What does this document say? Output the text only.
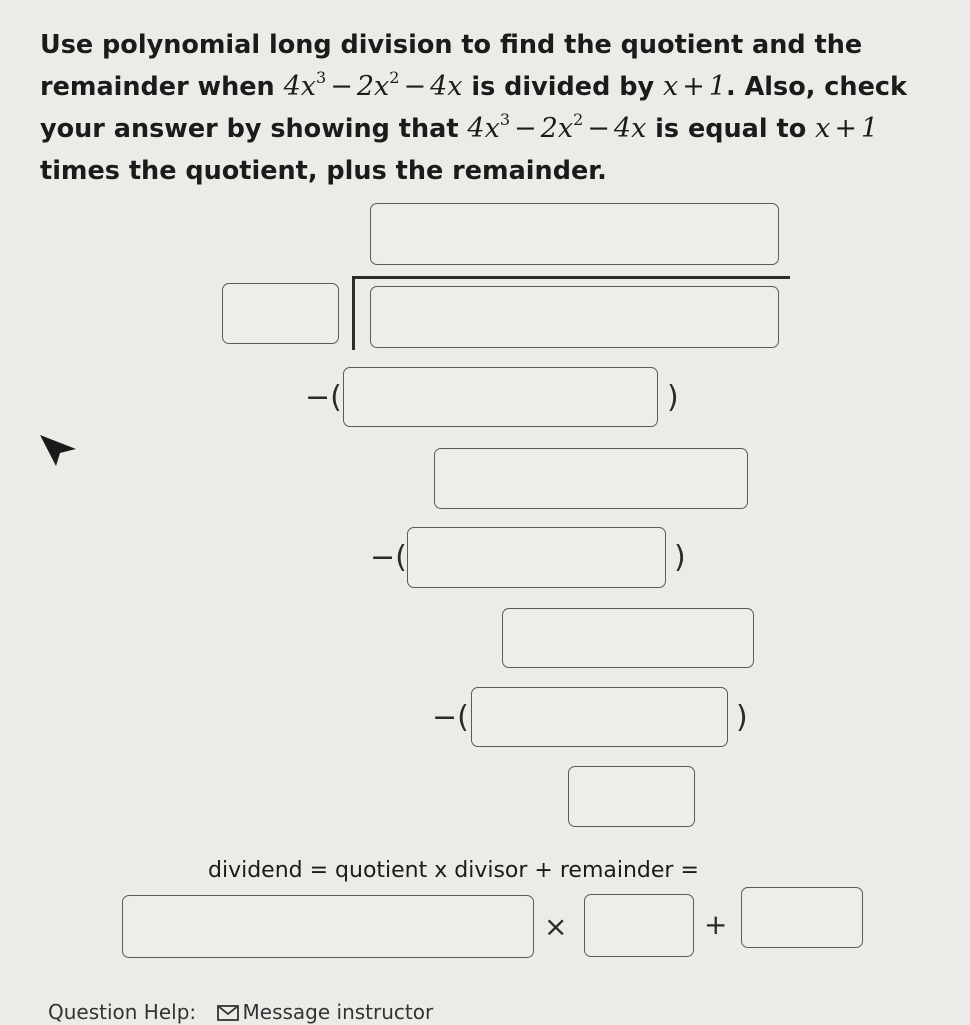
Use polynomial long division to find the quotient and the remainder when $4x^3 - 2x^2 - 4x$ is divided by x + 1. Also, check your answer by showing that $4x^3 - 2x^2 - 4x$ is equal to x + 1 times the quotient, plus the remainder.
−(	)
−(	)
−(	)
dividend = quotient x divisor + remainder =
×	+
Question Help: Message instructor
